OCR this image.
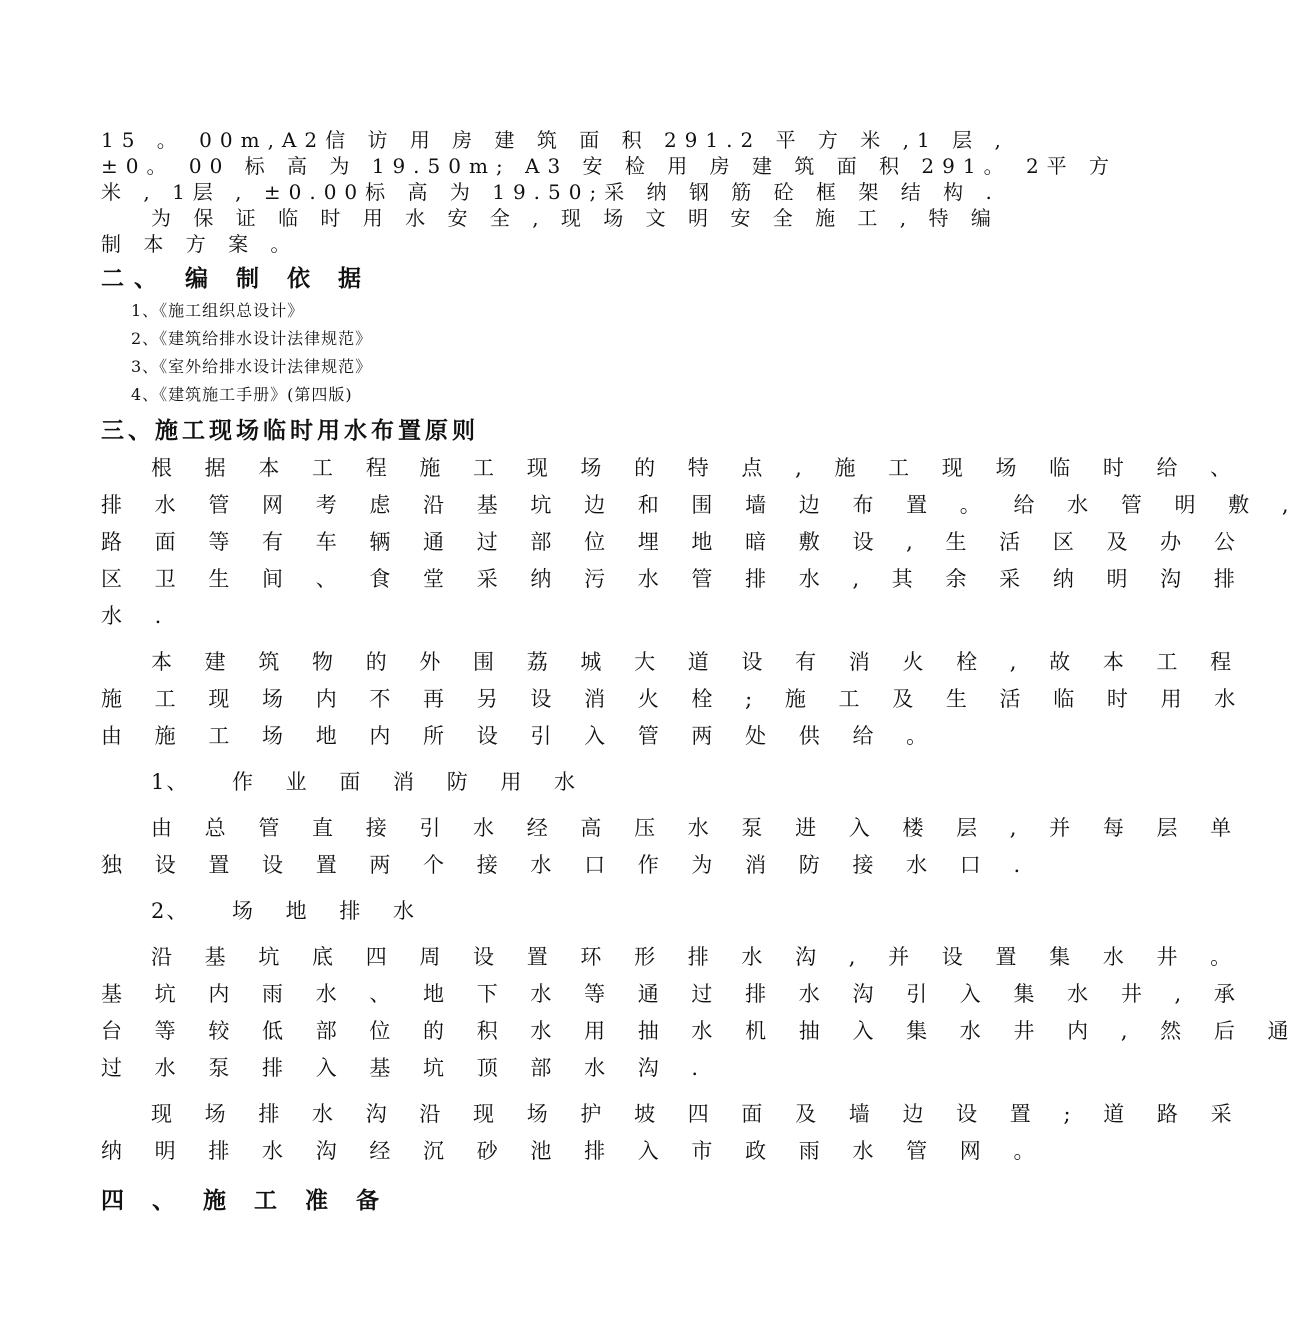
15 。 00m,A2信 访 用 房 建 筑 面 积 291.2 平 方 米 ,1 层 ,
±0。 00 标 高 为 19.50m; A3 安 检 用 房 建 筑 面 积 291。 2平 方
米 , 1层 , ±0.00标 高 为 19.50;采 纳 钢 筋 砼 框 架 结 构 .
为 保 证 临 时 用 水 安 全 , 现 场 文 明 安 全 施 工 , 特 编
制 本 方 案 。
二、 编 制 依 据
1、《施工组织总设计》
2、《建筑给排水设计法律规范》
3、《室外给排水设计法律规范》
4、《建筑施工手册》(第四版)
三、施工现场临时用水布置原则
根 据 本 工 程 施 工 现 场 的 特 点 , 施 工 现 场 临 时 给 、
排 水 管 网 考 虑 沿 基 坑 边 和 围 墙 边 布 置 。 给 水 管 明 敷 ,
路 面 等 有 车 辆 通 过 部 位 埋 地 暗 敷 设 , 生 活 区 及 办 公
区 卫 生 间 、 食 堂 采 纳 污 水 管 排 水 , 其 余 采 纳 明 沟 排
水 .
本 建 筑 物 的 外 围 荔 城 大 道 设 有 消 火 栓 , 故 本 工 程
施 工 现 场 内 不 再 另 设 消 火 栓 ; 施 工 及 生 活 临 时 用 水
由 施 工 场 地 内 所 设 引 入 管 两 处 供 给 。
1、 作 业 面 消 防 用 水
由 总 管 直 接 引 水 经 高 压 水 泵 进 入 楼 层 , 并 每 层 单
独 设 置 设 置 两 个 接 水 口 作 为 消 防 接 水 口 .
2、 场 地 排 水
沿 基 坑 底 四 周 设 置 环 形 排 水 沟 , 并 设 置 集 水 井 。
基 坑 内 雨 水 、 地 下 水 等 通 过 排 水 沟 引 入 集 水 井 , 承
台 等 较 低 部 位 的 积 水 用 抽 水 机 抽 入 集 水 井 内 , 然 后 通
过 水 泵 排 入 基 坑 顶 部 水 沟 .
现 场 排 水 沟 沿 现 场 护 坡 四 面 及 墙 边 设 置 ; 道 路 采
纳 明 排 水 沟 经 沉 砂 池 排 入 市 政 雨 水 管 网 。
四 、 施 工 准 备
